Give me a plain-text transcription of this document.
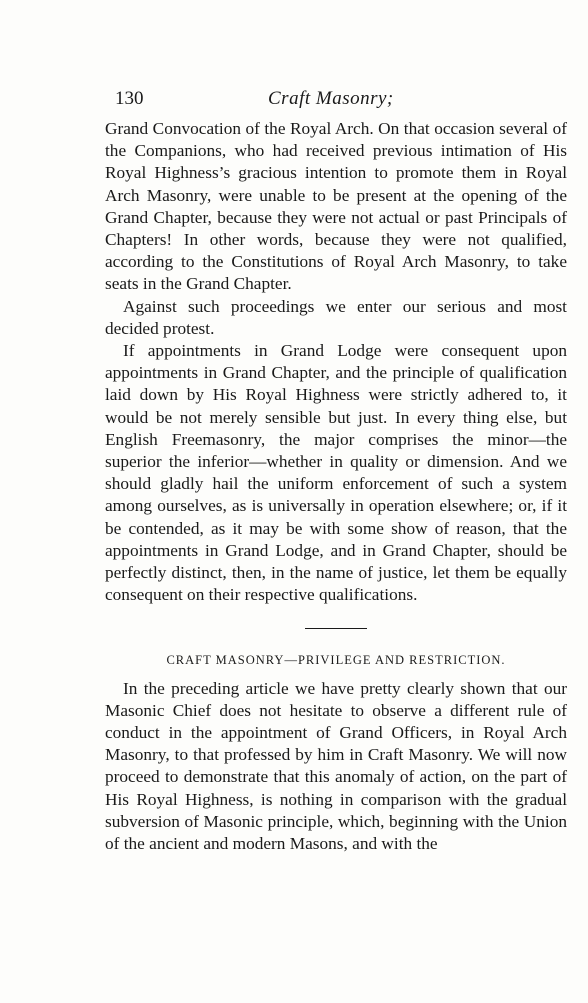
130	Craft Masonry;

Grand Convocation of the Royal Arch. On that occasion several of the Companions, who had received previous intimation of His Royal Highness’s gracious intention to promote them in Royal Arch Masonry, were unable to be present at the opening of the Grand Chapter, because they were not actual or past Principals of Chapters! In other words, because they were not qualified, according to the Constitutions of Royal Arch Masonry, to take seats in the Grand Chapter.

Against such proceedings we enter our serious and most decided protest.

If appointments in Grand Lodge were consequent upon appointments in Grand Chapter, and the principle of qualification laid down by His Royal Highness were strictly adhered to, it would be not merely sensible but just. In every thing else, but English Freemasonry, the major comprises the minor—the superior the inferior—whether in quality or dimension. And we should gladly hail the uniform enforcement of such a system among ourselves, as is universally in operation elsewhere; or, if it be contended, as it may be with some show of reason, that the appointments in Grand Lodge, and in Grand Chapter, should be perfectly distinct, then, in the name of justice, let them be equally consequent on their respective qualifications.

CRAFT MASONRY—PRIVILEGE AND RESTRICTION.

In the preceding article we have pretty clearly shown that our Masonic Chief does not hesitate to observe a different rule of conduct in the appointment of Grand Officers, in Royal Arch Masonry, to that professed by him in Craft Masonry. We will now proceed to demonstrate that this anomaly of action, on the part of His Royal Highness, is nothing in comparison with the gradual subversion of Masonic principle, which, beginning with the Union of the ancient and modern Masons, and with the
